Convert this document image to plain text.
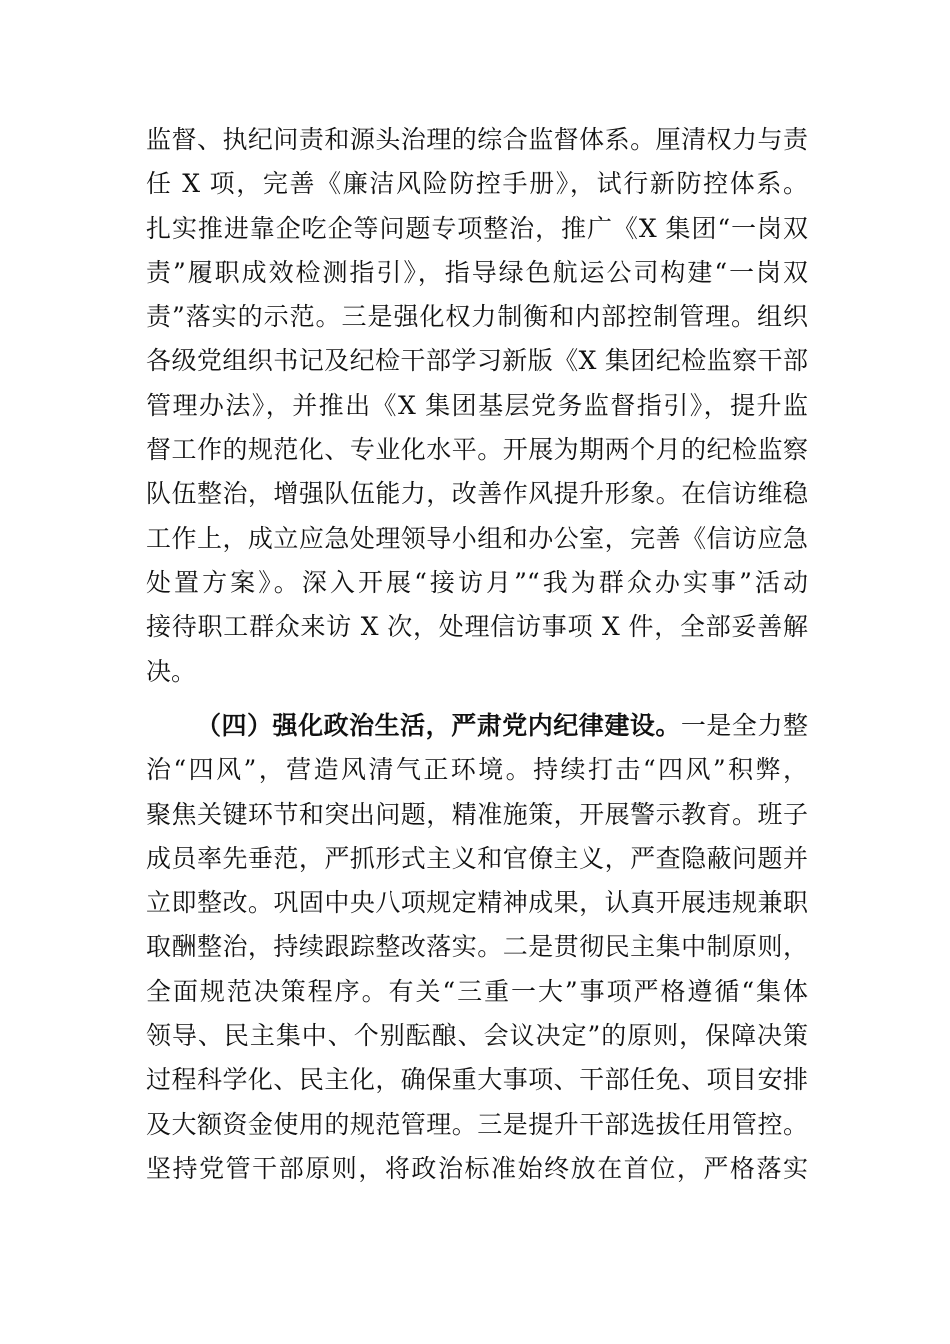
监督、执纪问责和源头治理的综合监督体系。厘清权力与责
任 X 项，完善《廉洁风险防控手册》，试行新防控体系。
扎实推进靠企吃企等问题专项整治，推广《X 集团“一岗双
责”履职成效检测指引》，指导绿色航运公司构建“一岗双
责”落实的示范。三是强化权力制衡和内部控制管理。组织
各级党组织书记及纪检干部学习新版《X 集团纪检监察干部
管理办法》，并推出《X 集团基层党务监督指引》，提升监
督工作的规范化、专业化水平。开展为期两个月的纪检监察
队伍整治，增强队伍能力，改善作风提升形象。在信访维稳
工作上，成立应急处理领导小组和办公室，完善《信访应急
处置方案》。深入开展“接访月”“我为群众办实事”活动
接待职工群众来访 X 次，处理信访事项 X 件，全部妥善解
决。
（四）强化政治生活，严肃党内纪律建设。一是全力整
治“四风”，营造风清气正环境。持续打击“四风”积弊，
聚焦关键环节和突出问题，精准施策，开展警示教育。班子
成员率先垂范，严抓形式主义和官僚主义，严查隐蔽问题并
立即整改。巩固中央八项规定精神成果，认真开展违规兼职
取酬整治，持续跟踪整改落实。二是贯彻民主集中制原则，
全面规范决策程序。有关“三重一大”事项严格遵循“集体
领导、民主集中、个别酝酿、会议决定”的原则，保障决策
过程科学化、民主化，确保重大事项、干部任免、项目安排
及大额资金使用的规范管理。三是提升干部选拔任用管控。
坚持党管干部原则，将政治标准始终放在首位，严格落实
